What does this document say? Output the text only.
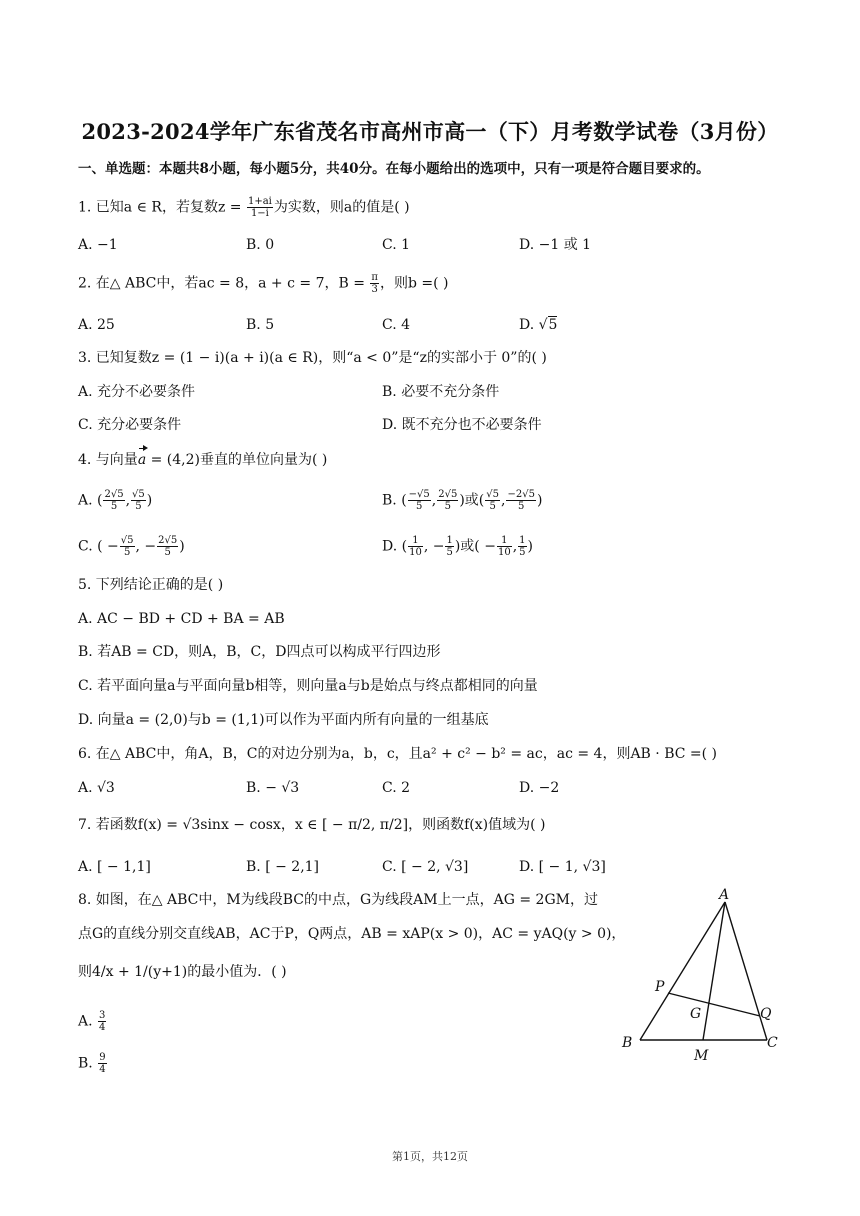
2023-2024学年广东省茂名市高州市高一（下）月考数学试卷（3月份）
一、单选题：本题共8小题，每小题5分，共40分。在每小题给出的选项中，只有一项是符合题目要求的。
1. 已知a ∈ R，若复数$z = \frac{1+ai}{1-i}$ 为实数，则a的值是( )
A. −1	B. 0	C. 1	D. −1 或 1
2. 在△ ABC中，若ac = 8，a + c = 7，$B = \frac{\pi}{3}$ ，则b =( )
A. 25	B. 5	C. 4	D. √5
3. 已知复数z = (1 − i)(a + i)(a ∈ R)，则“a < 0”是“z的实部小于 0”的( )
A. 充分不必要条件	B. 必要不充分条件
C. 充分必要条件	D. 既不充分也不必要条件
4. 与向量a = (4,2)垂直的单位向量为( )
A. ( $\frac{2√5}{5}$ , $\frac{√5}{5}$ )	B. ( $\frac{-√5}{5}$ , $\frac{2√5}{5}$ )或( $\frac{√5}{5}$ , $\frac{-2√5}{5}$ )
C. ( − $\frac{√5}{5}$ , − $\frac{2√5}{5}$ )	D. ( $\frac{1}{10}$ , − $\frac{1}{5}$ )或( − $\frac{1}{10}$ , $\frac{1}{5}$ )
5. 下列结论正确的是( )
A. AC − BD + CD + BA = AB
B. 若AB = CD，则A，B，C，D四点可以构成平行四边形
C. 若平面向量a与平面向量b相等，则向量a与b是始点与终点都相同的向量
D. 向量a = (2,0)与b = (1,1)可以作为平面内所有向量的一组基底
6. 在△ ABC中，角A，B，C的对边分别为a，b，c，且a² + c² − b² = ac，ac = 4，则AB · BC =( )
A. √3	B. − √3	C. 2	D. −2
7. 若函数f(x) = √3sinx − cosx，x ∈ [ − π/2, π/2]，则函数f(x)值域为( )
A. [ − 1,1]	B. [ − 2,1]	C. [ − 2, √3]	D. [ − 1, √3]
8. 如图，在△ ABC中，M为线段BC的中点，G为线段AM上一点，AG = 2GM，过
点G的直线分别交直线AB，AC于P，Q两点，AB = xAP(x > 0)，AC = yAQ(y > 0)，
则4/x + 1/(y+1)的最小值为．( )
A. $\frac{3}{4}$
B. $\frac{9}{4}$
A
P
G	Q
B
M
C
第1页，共12页
